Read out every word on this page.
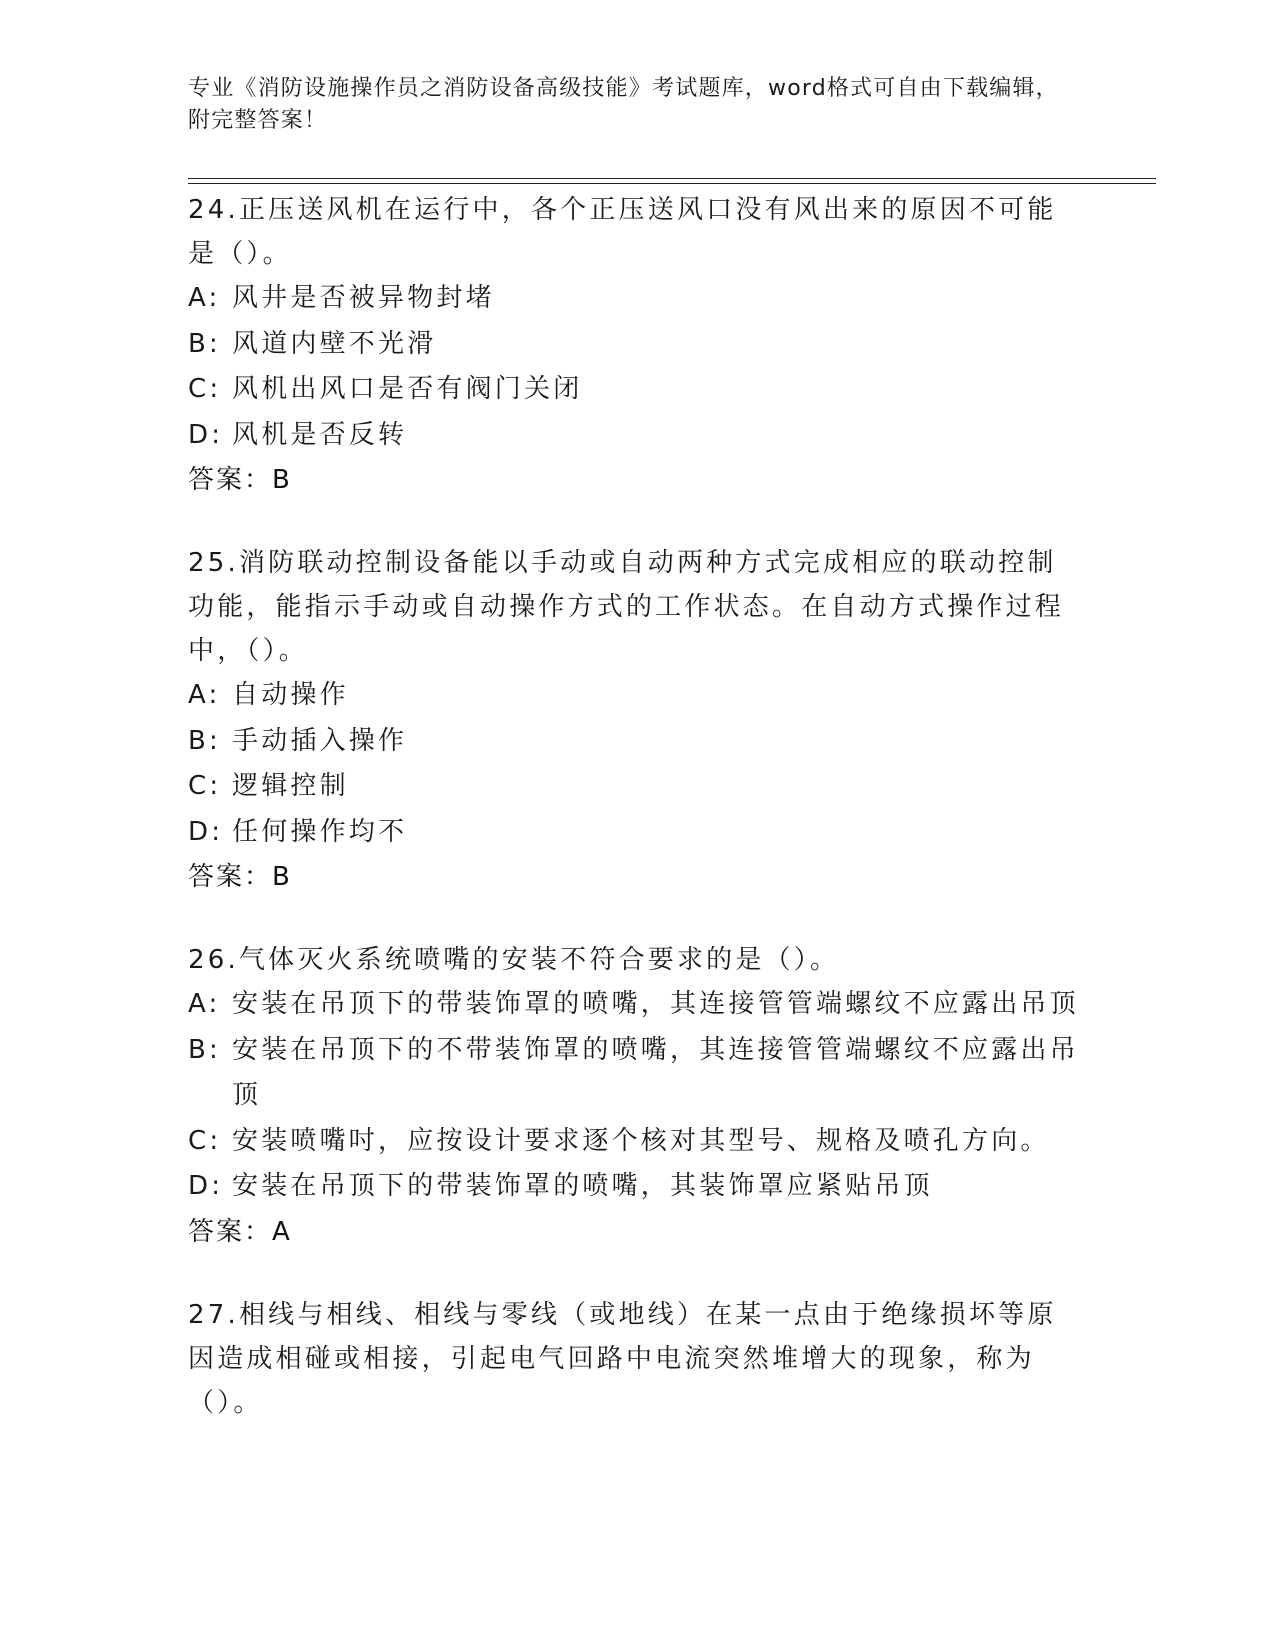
专业《消防设施操作员之消防设备高级技能》考试题库，word格式可自由下载编辑，附完整答案！

24.正压送风机在运行中，各个正压送风口没有风出来的原因不可能是（）。

A: 风井是否被异物封堵
B: 风道内壁不光滑
C: 风机出风口是否有阀门关闭
D: 风机是否反转
答案：B

25.消防联动控制设备能以手动或自动两种方式完成相应的联动控制功能，能指示手动或自动操作方式的工作状态。在自动方式操作过程中，（）。

A: 自动操作
B: 手动插入操作
C: 逻辑控制
D: 任何操作均不
答案：B

26.气体灭火系统喷嘴的安装不符合要求的是（）。

A: 安装在吊顶下的带装饰罩的喷嘴，其连接管管端螺纹不应露出吊顶
B: 安装在吊顶下的不带装饰罩的喷嘴，其连接管管端螺纹不应露出吊顶
C: 安装喷嘴吋，应按设计要求逐个核对其型号、规格及喷孔方向。
D: 安装在吊顶下的带装饰罩的喷嘴，其装饰罩应紧贴吊顶
答案：A

27.相线与相线、相线与零线（或地线）在某一点由于绝缘损坏等原因造成相碰或相接，引起电气回路中电流突然堆增大的现象，称为（）。
